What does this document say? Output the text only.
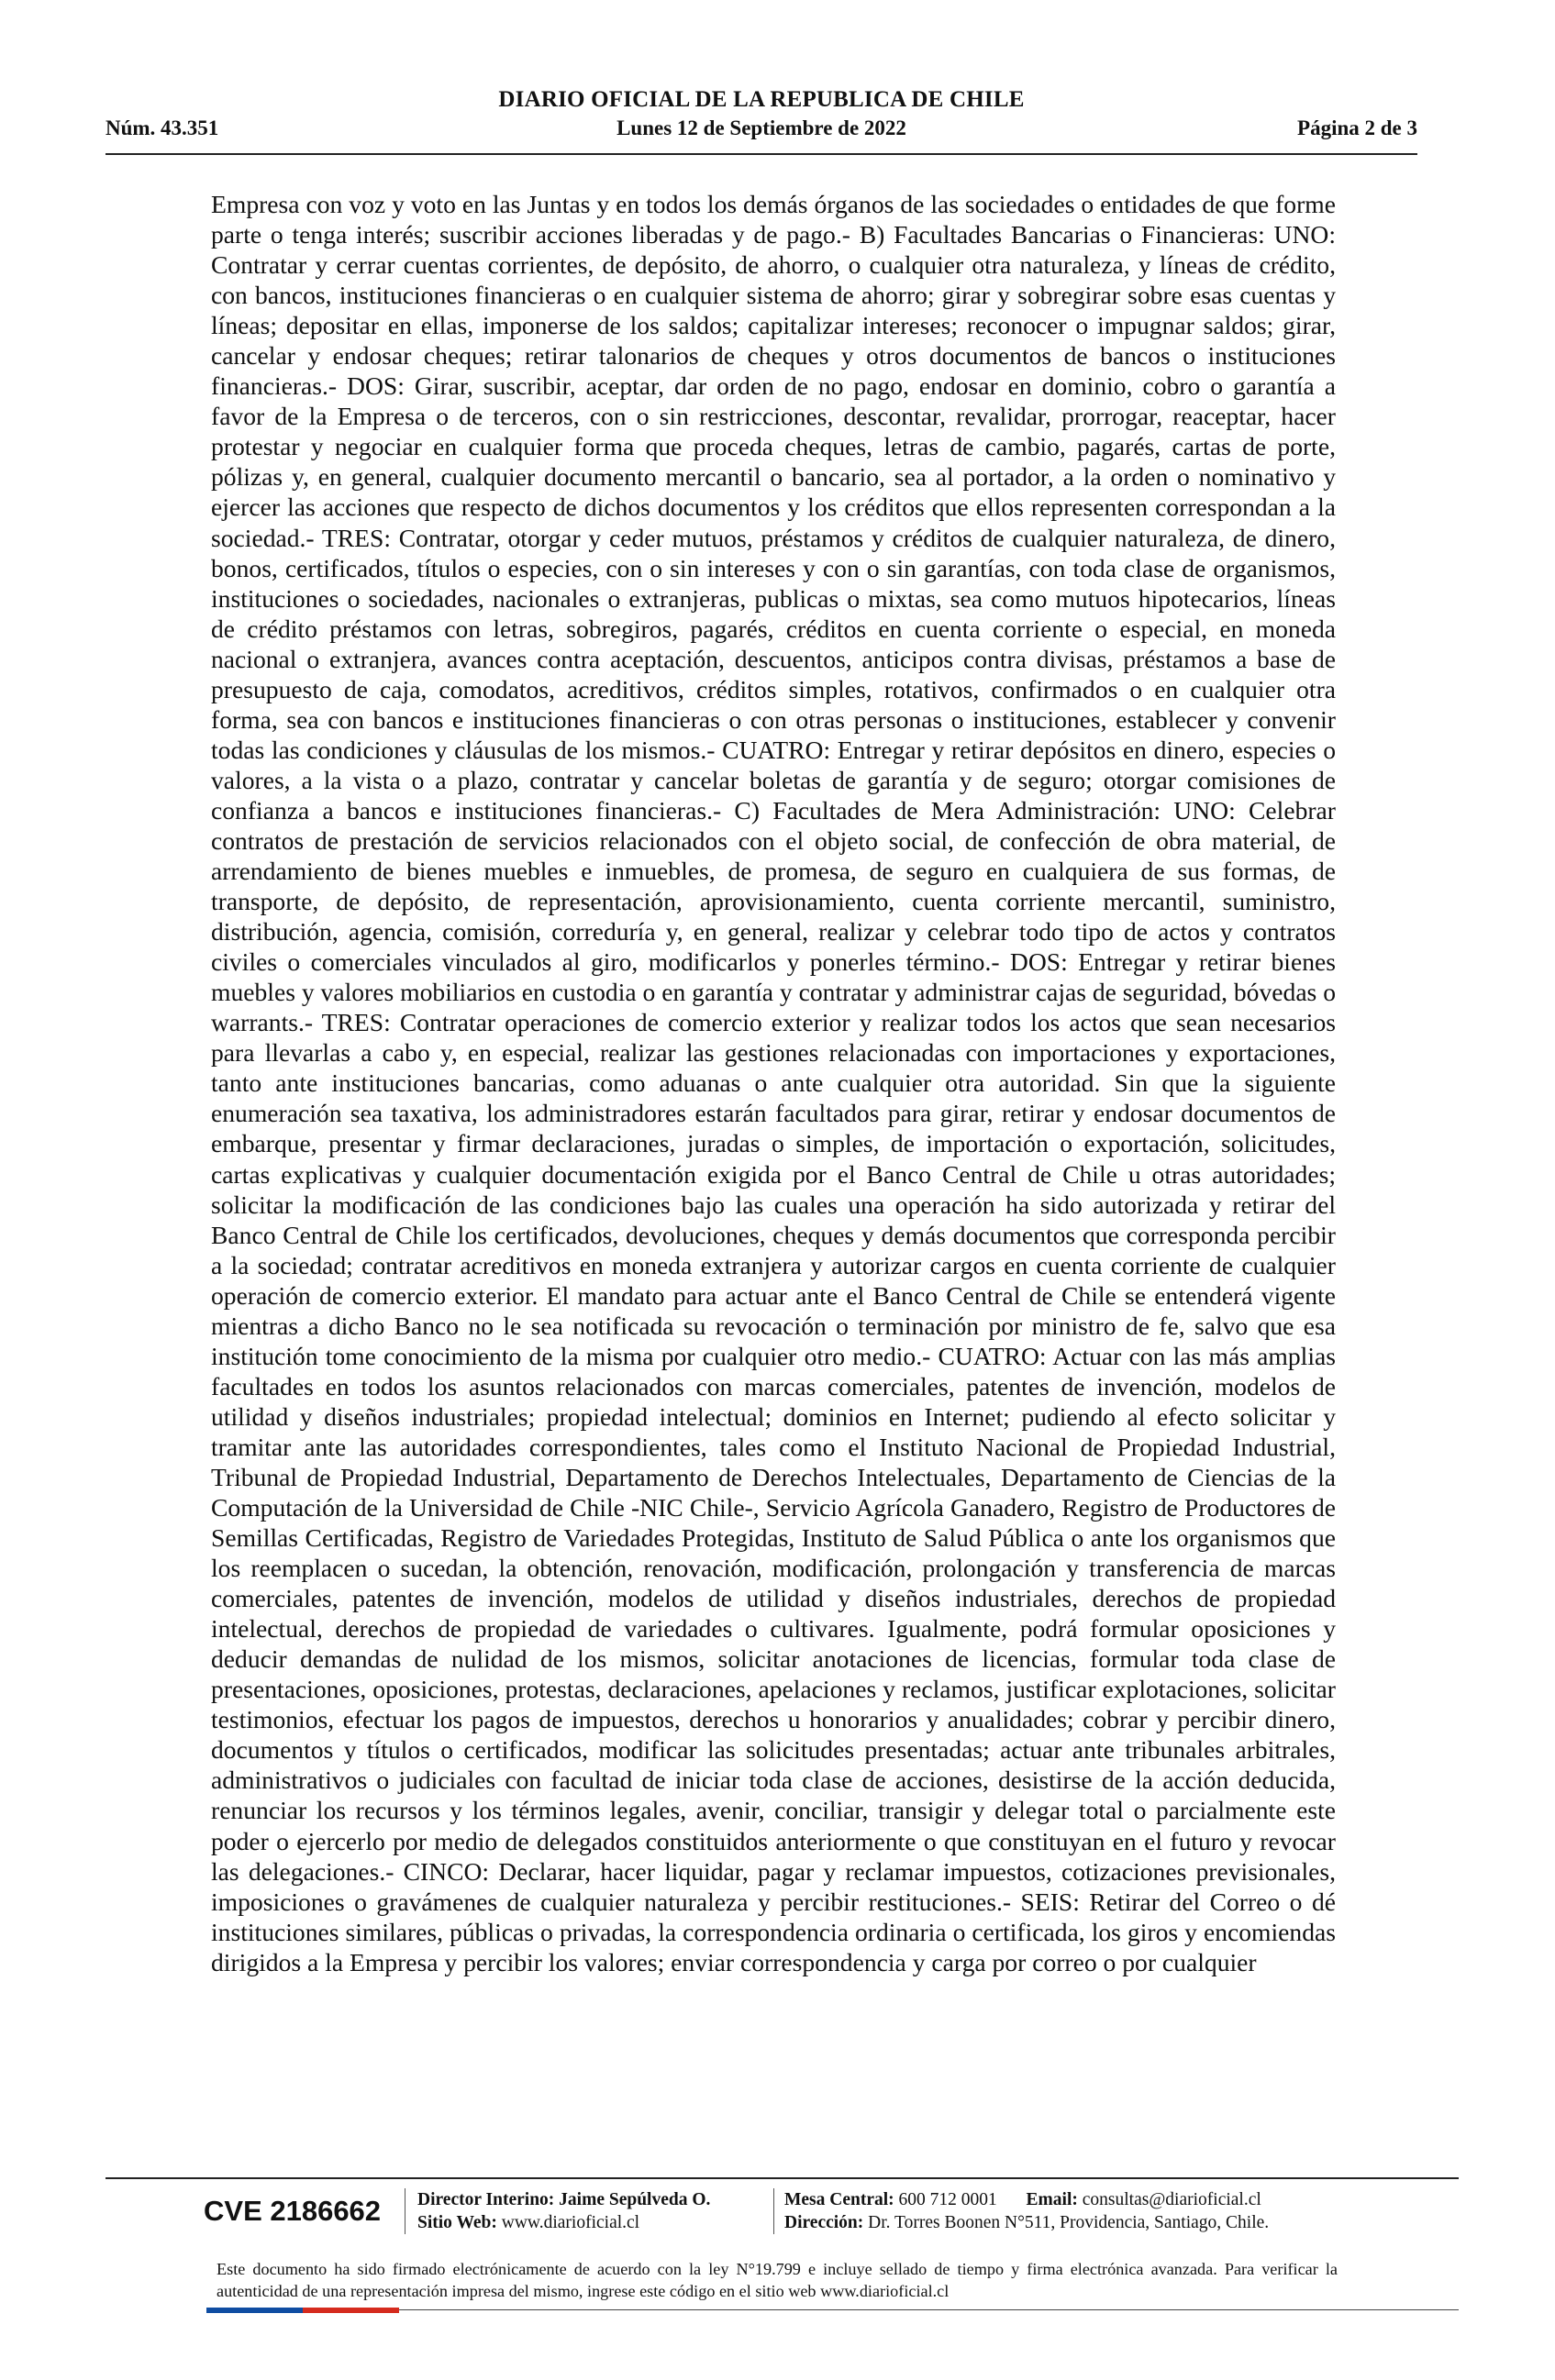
DIARIO OFICIAL DE LA REPUBLICA DE CHILE
Núm. 43.351	Lunes 12 de Septiembre de 2022	Página 2 de 3
Empresa con voz y voto en las Juntas y en todos los demás órganos de las sociedades o entidades de que forme parte o tenga interés; suscribir acciones liberadas y de pago.- B) Facultades Bancarias o Financieras: UNO: Contratar y cerrar cuentas corrientes, de depósito, de ahorro, o cualquier otra naturaleza, y líneas de crédito, con bancos, instituciones financieras o en cualquier sistema de ahorro; girar y sobregirar sobre esas cuentas y líneas; depositar en ellas, imponerse de los saldos; capitalizar intereses; reconocer o impugnar saldos; girar, cancelar y endosar cheques; retirar talonarios de cheques y otros documentos de bancos o instituciones financieras.- DOS: Girar, suscribir, aceptar, dar orden de no pago, endosar en dominio, cobro o garantía a favor de la Empresa o de terceros, con o sin restricciones, descontar, revalidar, prorrogar, reaceptar, hacer protestar y negociar en cualquier forma que proceda cheques, letras de cambio, pagarés, cartas de porte, pólizas y, en general, cualquier documento mercantil o bancario, sea al portador, a la orden o nominativo y ejercer las acciones que respecto de dichos documentos y los créditos que ellos representen correspondan a la sociedad.- TRES: Contratar, otorgar y ceder mutuos, préstamos y créditos de cualquier naturaleza, de dinero, bonos, certificados, títulos o especies, con o sin intereses y con o sin garantías, con toda clase de organismos, instituciones o sociedades, nacionales o extranjeras, publicas o mixtas, sea como mutuos hipotecarios, líneas de crédito préstamos con letras, sobregiros, pagarés, créditos en cuenta corriente o especial, en moneda nacional o extranjera, avances contra aceptación, descuentos, anticipos contra divisas, préstamos a base de presupuesto de caja, comodatos, acreditivos, créditos simples, rotativos, confirmados o en cualquier otra forma, sea con bancos e instituciones financieras o con otras personas o instituciones, establecer y convenir todas las condiciones y cláusulas de los mismos.- CUATRO: Entregar y retirar depósitos en dinero, especies o valores, a la vista o a plazo, contratar y cancelar boletas de garantía y de seguro; otorgar comisiones de confianza a bancos e instituciones financieras.- C) Facultades de Mera Administración: UNO: Celebrar contratos de prestación de servicios relacionados con el objeto social, de confección de obra material, de arrendamiento de bienes muebles e inmuebles, de promesa, de seguro en cualquiera de sus formas, de transporte, de depósito, de representación, aprovisionamiento, cuenta corriente mercantil, suministro, distribución, agencia, comisión, correduría y, en general, realizar y celebrar todo tipo de actos y contratos civiles o comerciales vinculados al giro, modificarlos y ponerles término.- DOS: Entregar y retirar bienes muebles y valores mobiliarios en custodia o en garantía y contratar y administrar cajas de seguridad, bóvedas o warrants.- TRES: Contratar operaciones de comercio exterior y realizar todos los actos que sean necesarios para llevarlas a cabo y, en especial, realizar las gestiones relacionadas con importaciones y exportaciones, tanto ante instituciones bancarias, como aduanas o ante cualquier otra autoridad. Sin que la siguiente enumeración sea taxativa, los administradores estarán facultados para girar, retirar y endosar documentos de embarque, presentar y firmar declaraciones, juradas o simples, de importación o exportación, solicitudes, cartas explicativas y cualquier documentación exigida por el Banco Central de Chile u otras autoridades; solicitar la modificación de las condiciones bajo las cuales una operación ha sido autorizada y retirar del Banco Central de Chile los certificados, devoluciones, cheques y demás documentos que corresponda percibir a la sociedad; contratar acreditivos en moneda extranjera y autorizar cargos en cuenta corriente de cualquier operación de comercio exterior. El mandato para actuar ante el Banco Central de Chile se entenderá vigente mientras a dicho Banco no le sea notificada su revocación o terminación por ministro de fe, salvo que esa institución tome conocimiento de la misma por cualquier otro medio.- CUATRO: Actuar con las más amplias facultades en todos los asuntos relacionados con marcas comerciales, patentes de invención, modelos de utilidad y diseños industriales; propiedad intelectual; dominios en Internet; pudiendo al efecto solicitar y tramitar ante las autoridades correspondientes, tales como el Instituto Nacional de Propiedad Industrial, Tribunal de Propiedad Industrial, Departamento de Derechos Intelectuales, Departamento de Ciencias de la Computación de la Universidad de Chile -NIC Chile-, Servicio Agrícola Ganadero, Registro de Productores de Semillas Certificadas, Registro de Variedades Protegidas, Instituto de Salud Pública o ante los organismos que los reemplacen o sucedan, la obtención, renovación, modificación, prolongación y transferencia de marcas comerciales, patentes de invención, modelos de utilidad y diseños industriales, derechos de propiedad intelectual, derechos de propiedad de variedades o cultivares. Igualmente, podrá formular oposiciones y deducir demandas de nulidad de los mismos, solicitar anotaciones de licencias, formular toda clase de presentaciones, oposiciones, protestas, declaraciones, apelaciones y reclamos, justificar explotaciones, solicitar testimonios, efectuar los pagos de impuestos, derechos u honorarios y anualidades; cobrar y percibir dinero, documentos y títulos o certificados, modificar las solicitudes presentadas; actuar ante tribunales arbitrales, administrativos o judiciales con facultad de iniciar toda clase de acciones, desistirse de la acción deducida, renunciar los recursos y los términos legales, avenir, conciliar, transigir y delegar total o parcialmente este poder o ejercerlo por medio de delegados constituidos anteriormente o que constituyan en el futuro y revocar las delegaciones.- CINCO: Declarar, hacer liquidar, pagar y reclamar impuestos, cotizaciones previsionales, imposiciones o gravámenes de cualquier naturaleza y percibir restituciones.- SEIS: Retirar del Correo o dé instituciones similares, públicas o privadas, la correspondencia ordinaria o certificada, los giros y encomiendas dirigidos a la Empresa y percibir los valores; enviar correspondencia y carga por correo o por cualquier
CVE 2186662	Director Interino: Jaime Sepúlveda O.
Sitio Web: www.diarioficial.cl
Mesa Central: 600 712 0001 Email: consultas@diarioficial.cl
Dirección: Dr. Torres Boonen N°511, Providencia, Santiago, Chile.
Este documento ha sido firmado electrónicamente de acuerdo con la ley N°19.799 e incluye sellado de tiempo y firma electrónica avanzada. Para verificar la autenticidad de una representación impresa del mismo, ingrese este código en el sitio web www.diarioficial.cl
